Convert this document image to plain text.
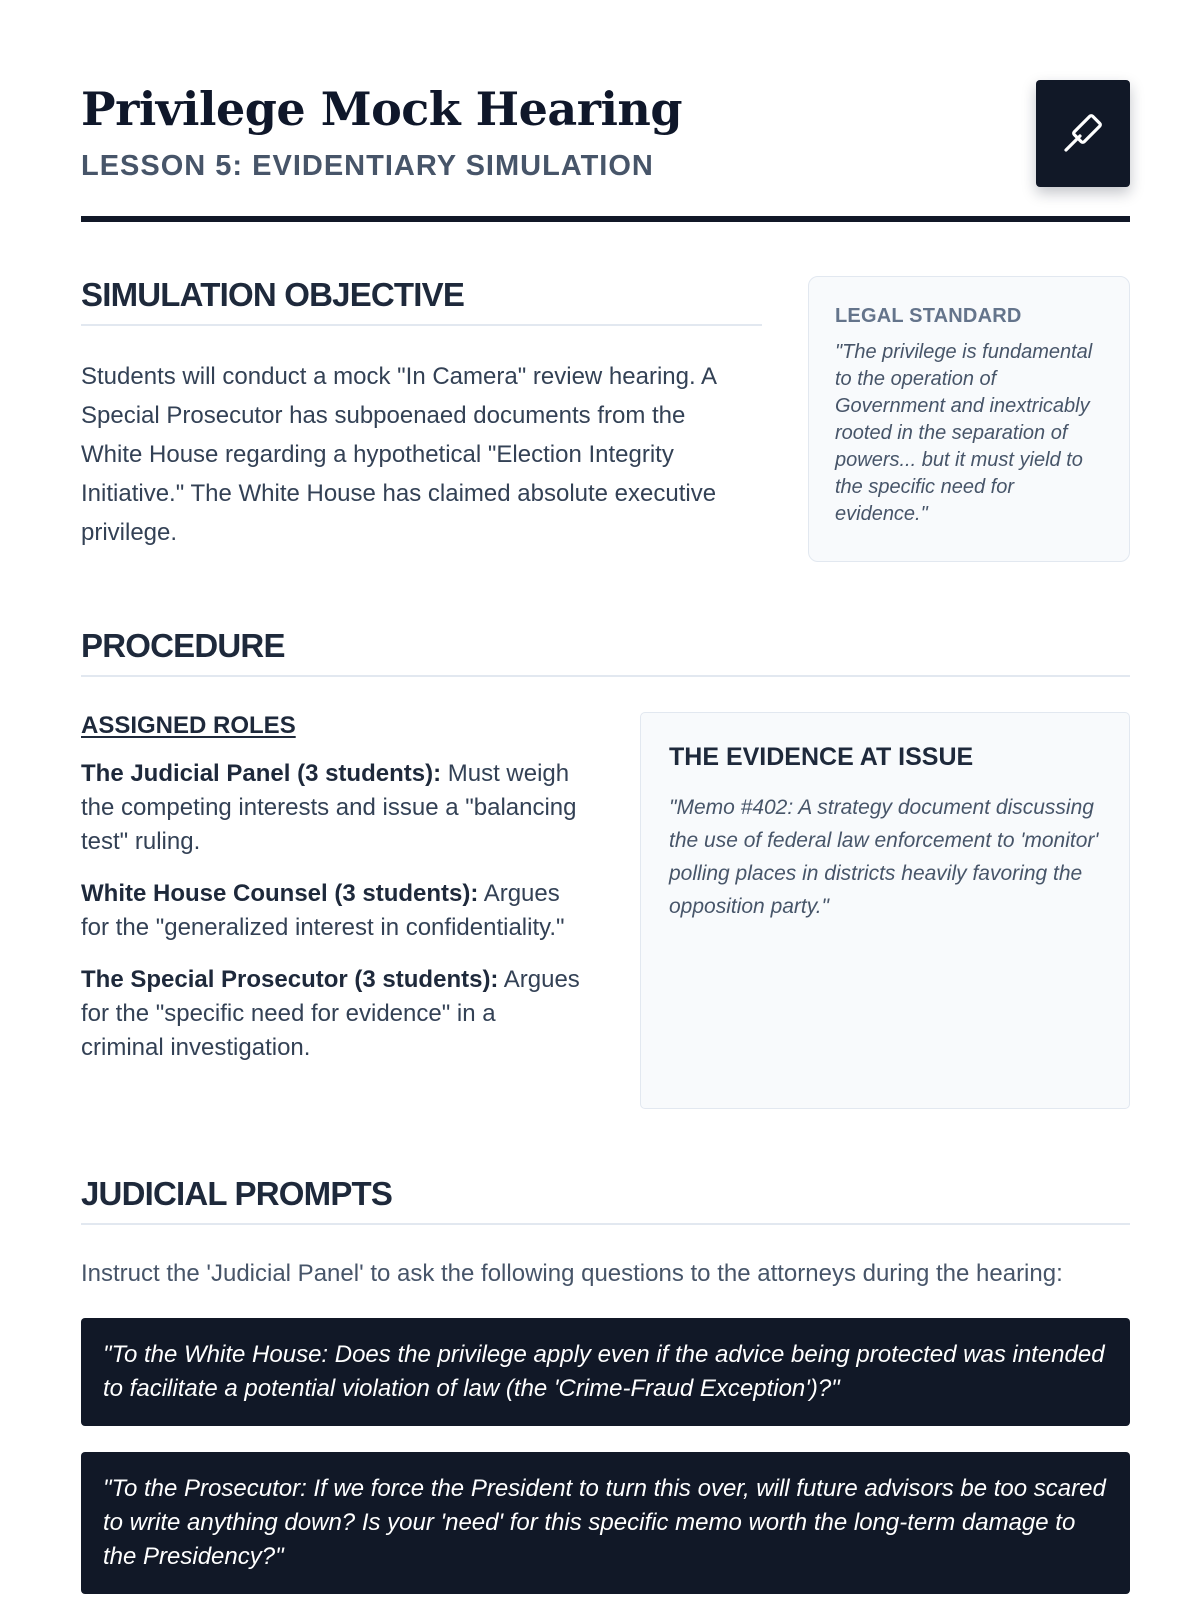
Privilege Mock Hearing
LESSON 5: EVIDENTIARY SIMULATION
SIMULATION OBJECTIVE

Students will conduct a mock "In Camera" review hearing. A Special Prosecutor has subpoenaed documents from the White House regarding a hypothetical "Election Integrity Initiative." The White House has claimed absolute executive privilege.

LEGAL STANDARD

"The privilege is fundamental to the operation of Government and inextricably rooted in the separation of powers... but it must yield to the specific need for evidence."

PROCEDURE
ASSIGNED ROLES

The Judicial Panel (3 students): Must weigh the competing interests and issue a "balancing test" ruling.

White House Counsel (3 students): Argues for the "generalized interest in confidentiality."

The Special Prosecutor (3 students): Argues for the "specific need for evidence" in a criminal investigation.

THE EVIDENCE AT ISSUE

"Memo #402: A strategy document discussing the use of federal law enforcement to 'monitor' polling places in districts heavily favoring the opposition party."

JUDICIAL PROMPTS

Instruct the 'Judicial Panel' to ask the following questions to the attorneys during the hearing:

"To the White House: Does the privilege apply even if the advice being protected was intended to facilitate a potential violation of law (the 'Crime-Fraud Exception')?"
"To the Prosecutor: If we force the President to turn this over, will future advisors be too scared to write anything down? Is your 'need' for this specific memo worth the long-term damage to the Presidency?"
